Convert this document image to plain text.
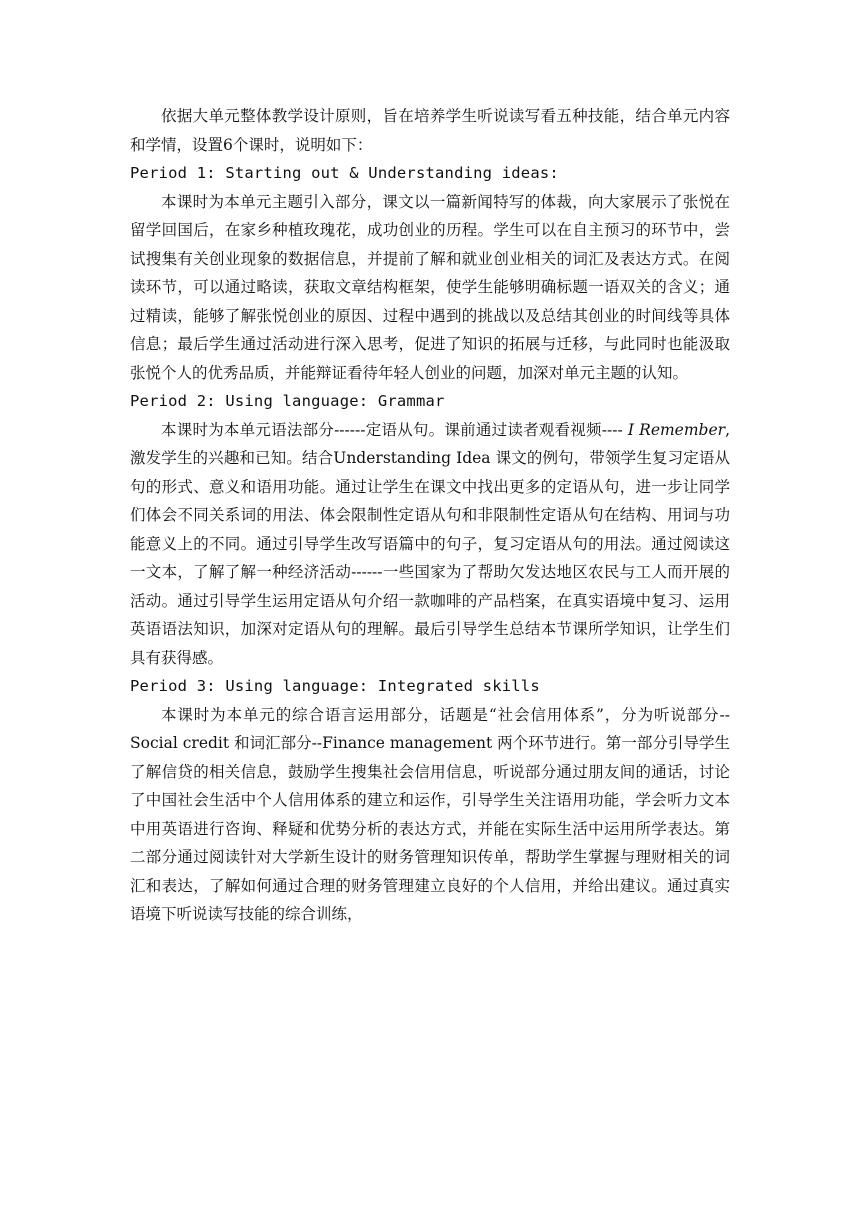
依据大单元整体教学设计原则，旨在培养学生听说读写看五种技能，结合单元内容和学情，设置6个课时，说明如下：

Period 1: Starting out & Understanding ideas:

本课时为本单元主题引入部分，课文以一篇新闻特写的体裁，向大家展示了张悦在留学回国后，在家乡种植玫瑰花，成功创业的历程。学生可以在自主预习的环节中，尝试搜集有关创业现象的数据信息，并提前了解和就业创业相关的词汇及表达方式。在阅读环节，可以通过略读，获取文章结构框架，使学生能够明确标题一语双关的含义；通过精读，能够了解张悦创业的原因、过程中遇到的挑战以及总结其创业的时间线等具体信息；最后学生通过活动进行深入思考，促进了知识的拓展与迁移，与此同时也能汲取张悦个人的优秀品质，并能辩证看待年轻人创业的问题，加深对单元主题的认知。

Period 2: Using language: Grammar

本课时为本单元语法部分------定语从句。课前通过读者观看视频---- I Remember, 激发学生的兴趣和已知。结合Understanding Idea 课文的例句，带领学生复习定语从句的形式、意义和语用功能。通过让学生在课文中找出更多的定语从句，进一步让同学们体会不同关系词的用法、体会限制性定语从句和非限制性定语从句在结构、用词与功能意义上的不同。通过引导学生改写语篇中的句子，复习定语从句的用法。通过阅读这一文本，了解了解一种经济活动------一些国家为了帮助欠发达地区农民与工人而开展的活动。通过引导学生运用定语从句介绍一款咖啡的产品档案，在真实语境中复习、运用英语语法知识，加深对定语从句的理解。最后引导学生总结本节课所学知识，让学生们具有获得感。

Period 3: Using language: Integrated skills

本课时为本单元的综合语言运用部分，话题是“社会信用体系”，分为听说部分--Social credit 和词汇部分--Finance management 两个环节进行。第一部分引导学生了解信贷的相关信息，鼓励学生搜集社会信用信息，听说部分通过朋友间的通话，讨论了中国社会生活中个人信用体系的建立和运作，引导学生关注语用功能，学会听力文本中用英语进行咨询、释疑和优势分析的表达方式，并能在实际生活中运用所学表达。第二部分通过阅读针对大学新生设计的财务管理知识传单，帮助学生掌握与理财相关的词汇和表达，了解如何通过合理的财务管理建立良好的个人信用，并给出建议。通过真实语境下听说读写技能的综合训练，
